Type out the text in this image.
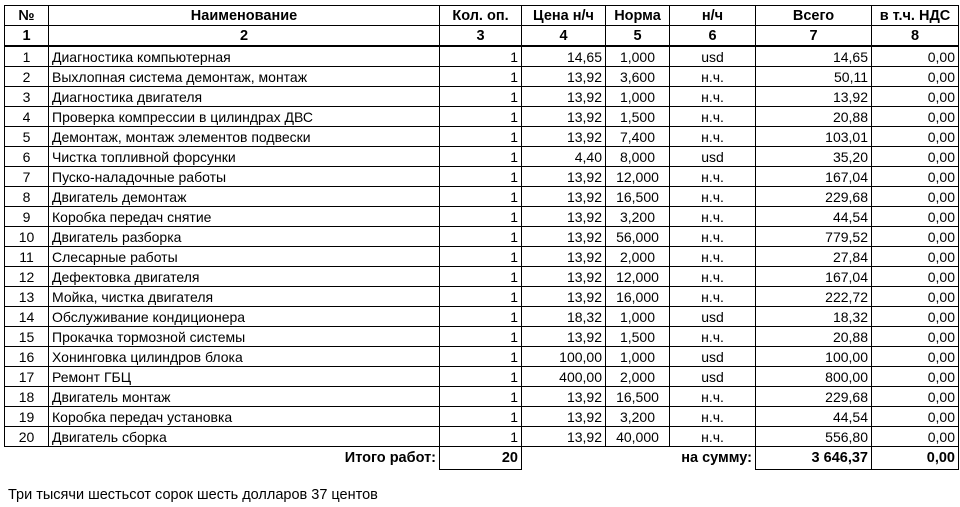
№	Наименование	Кол. оп.	Цена н/ч	Норма	н/ч	Всего	в т.ч. НДС
1	2	3	4	5	6	7	8
1	Диагностика компьютерная	1	14,65	1,000	usd	14,65	0,00
2	Выхлопная система демонтаж, монтаж	1	13,92	3,600	н.ч.	50,11	0,00
3	Диагностика двигателя	1	13,92	1,000	н.ч.	13,92	0,00
4	Проверка компрессии в цилиндрах ДВС	1	13,92	1,500	н.ч.	20,88	0,00
5	Демонтаж, монтаж элементов подвески	1	13,92	7,400	н.ч.	103,01	0,00
6	Чистка топливной форсунки	1	4,40	8,000	usd	35,20	0,00
7	Пуско-наладочные работы	1	13,92	12,000	н.ч.	167,04	0,00
8	Двигатель демонтаж	1	13,92	16,500	н.ч.	229,68	0,00
9	Коробка передач снятие	1	13,92	3,200	н.ч.	44,54	0,00
10	Двигатель разборка	1	13,92	56,000	н.ч.	779,52	0,00
11	Слесарные работы	1	13,92	2,000	н.ч.	27,84	0,00
12	Дефектовка двигателя	1	13,92	12,000	н.ч.	167,04	0,00
13	Мойка, чистка двигателя	1	13,92	16,000	н.ч.	222,72	0,00
14	Обслуживание кондиционера	1	18,32	1,000	usd	18,32	0,00
15	Прокачка тормозной системы	1	13,92	1,500	н.ч.	20,88	0,00
16	Хонинговка цилиндров блока	1	100,00	1,000	usd	100,00	0,00
17	Ремонт ГБЦ	1	400,00	2,000	usd	800,00	0,00
18	Двигатель монтаж	1	13,92	16,500	н.ч.	229,68	0,00
19	Коробка передач установка	1	13,92	3,200	н.ч.	44,54	0,00
20	Двигатель сборка	1	13,92	40,000	н.ч.	556,80	0,00
Итого работ:		20	на сумму:			3 646,37	0,00
Три тысячи шестьсот сорок шесть долларов 37 центов
